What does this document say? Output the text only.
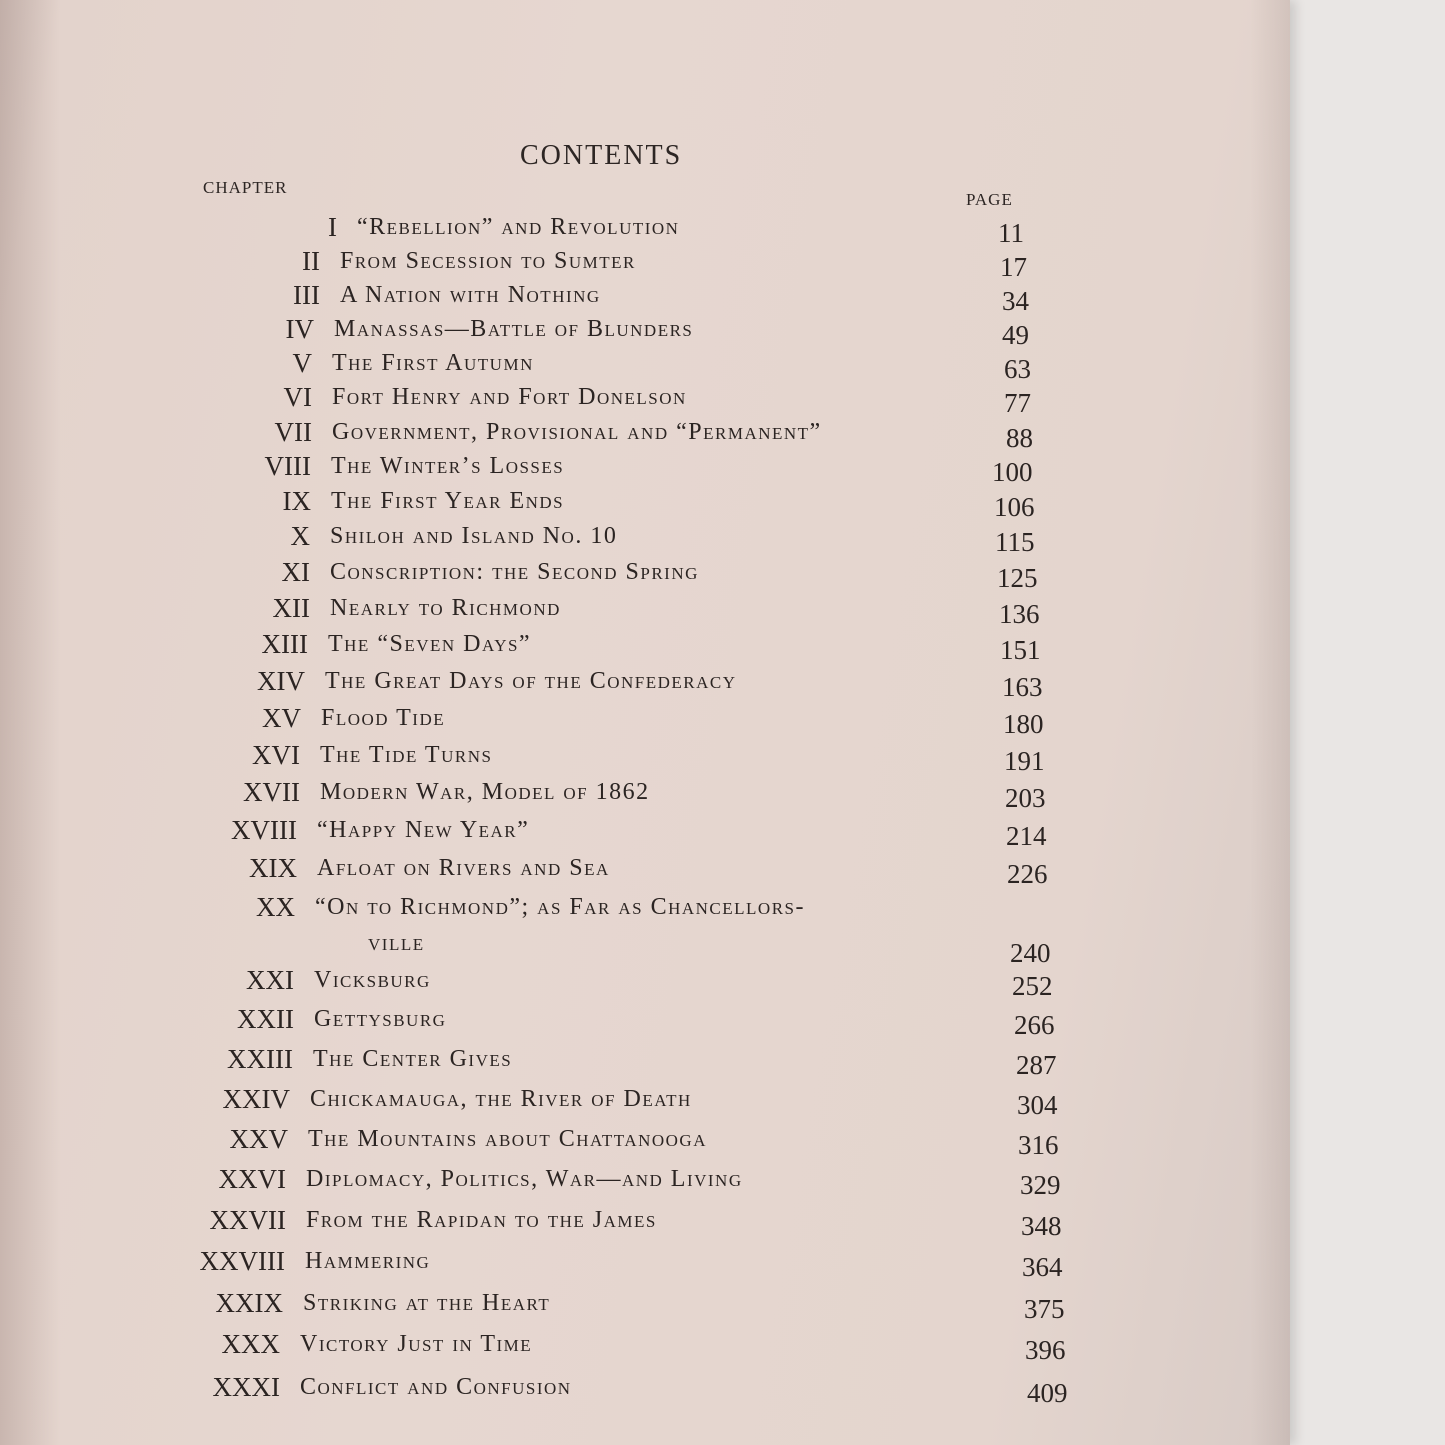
CONTENTS
CHAPTER
PAGE
I “Rebellion” and Revolution	11
II From Secession to Sumter	17
III A Nation with Nothing	34
IV Manassas—Battle of Blunders	49
V The First Autumn	63
VI Fort Henry and Fort Donelson	77
VII Government, Provisional and “Permanent”	88
VIII The Winter’s Losses	100
IX The First Year Ends	106
X Shiloh and Island No. 10	115
XI Conscription: the Second Spring	125
XII Nearly to Richmond	136
XIII The “Seven Days”	151
XIV The Great Days of the Confederacy	163
XV Flood Tide	180
XVI The Tide Turns	191
XVII Modern War, Model of 1862	203
XVIII “Happy New Year”	214
XIX Afloat on Rivers and Sea	226
XX “On to Richmond”; as Far as Chancellors-
ville	240
XXI Vicksburg	252
XXII Gettysburg	266
XXIII The Center Gives	287
XXIV Chickamauga, the River of Death	304
XXV The Mountains about Chattanooga	316
XXVI Diplomacy, Politics, War—and Living	329
XXVII From the Rapidan to the James	348
XXVIII Hammering	364
XXIX Striking at the Heart	375
XXX Victory Just in Time	396
XXXI Conflict and Confusion	409
